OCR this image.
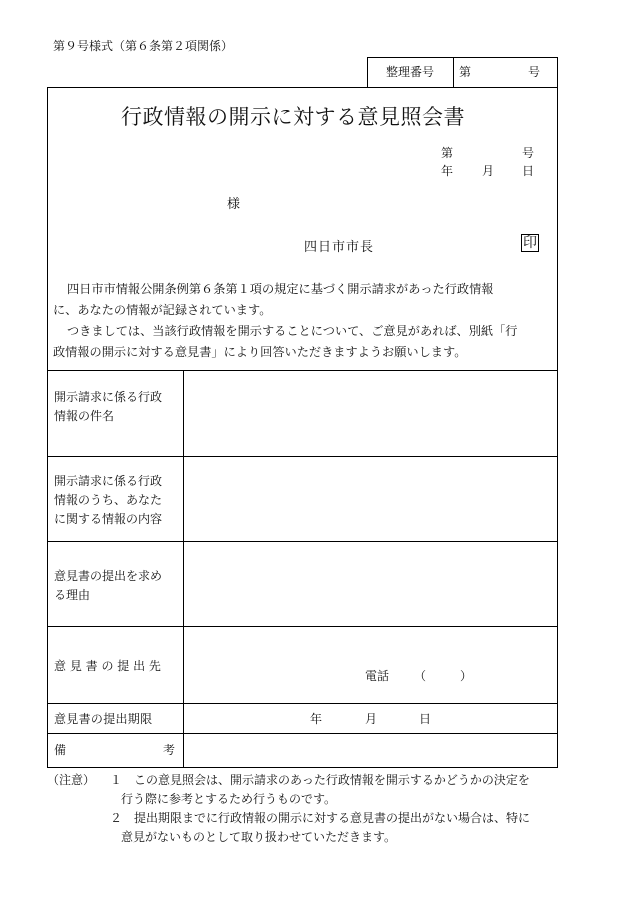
第９号様式（第６条第２項関係）
整理番号 第	号
行政情報の開示に対する意見照会書
第	号
年 月 日
様
四日市市長	印
四日市市情報公開条例第６条第１項の規定に基づく開示請求があった行政情報
に、あなたの情報が記録されています。
つきましては、当該行政情報を開示することについて、ご意見があれば、別紙「行
政情報の開示に対する意見書」により回答いただきますようお願いします。
開示請求に係る行政
情報の件名
開示請求に係る行政
情報のうち、あなた
に関する情報の内容
意見書の提出を求め
る理由
意 見 書 の 提 出 先
電話 （	）
意見書の提出期限	年	月	日
備	考
（注意） １ この意見照会は、開示請求のあった行政情報を開示するかどうかの決定を
行う際に参考とするため行うものです。
２ 提出期限までに行政情報の開示に対する意見書の提出がない場合は、特に
意見がないものとして取り扱わせていただきます。
